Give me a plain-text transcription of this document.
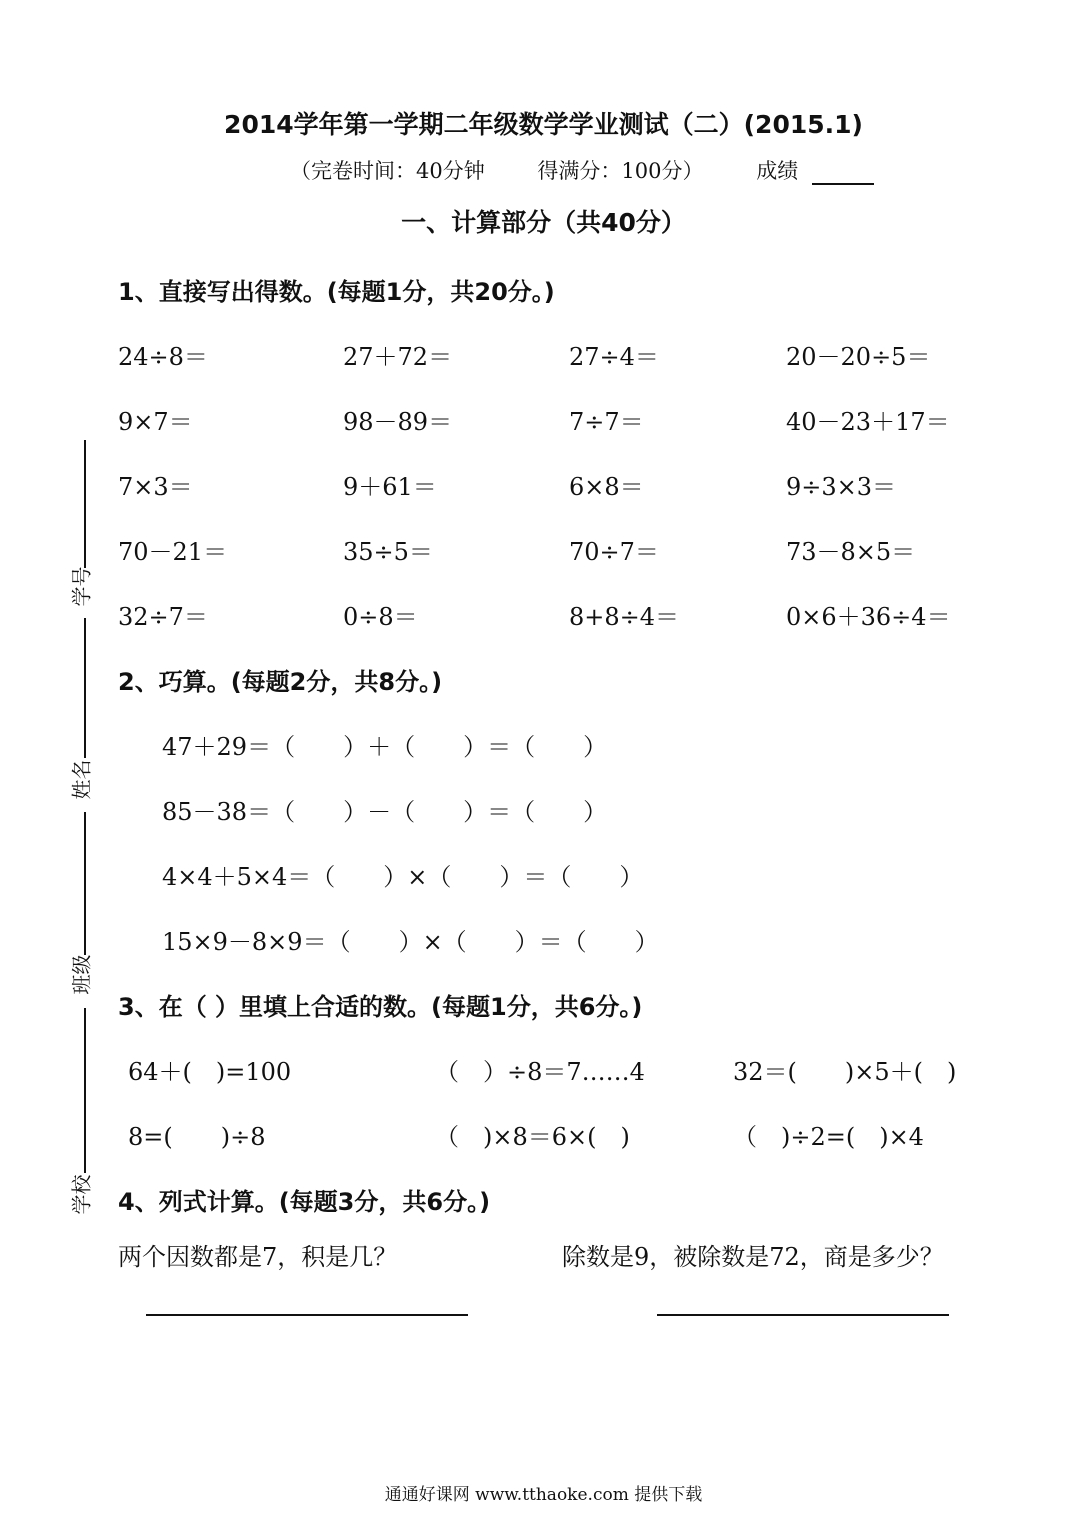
2014学年第一学期二年级数学学业测试（二）(2015.1)
（完卷时间：40分钟	得满分：100分）	成绩
一、计算部分（共40分）
1、直接写出得数。(每题1分，共20分。)
24÷8＝	27＋72＝	27÷4＝	20－20÷5＝
9×7＝	98－89＝	7÷7＝	40－23＋17＝
7×3＝	9＋61＝	6×8＝	9÷3×3＝
70－21＝	35÷5＝	70÷7＝	73－8×5＝
32÷7＝	0÷8＝	8+8÷4＝	0×6＋36÷4＝
2、巧算。(每题2分，共8分。)
47＋29＝（　　）＋（　　）＝（　　）
85－38＝（　　）－（　　）＝（　　）
4×4＋5×4＝（　　）×（　　）＝（　　）
15×9－8×9＝（　　）×（　　）＝（　　）
3、在（ ）里填上合适的数。(每题1分，共6分。)
64＋(　)=100	（　）÷8＝7……4	32＝(　　)×5＋(　)
8=(　　)÷8	（　)×8＝6×(　)	（　)÷2=(　)×4
4、列式计算。(每题3分，共6分。)
两个因数都是7，积是几？	除数是9，被除数是72，商是多少？
学号
姓名
班级
学校
通通好课网 www.tthaoke.com 提供下载
